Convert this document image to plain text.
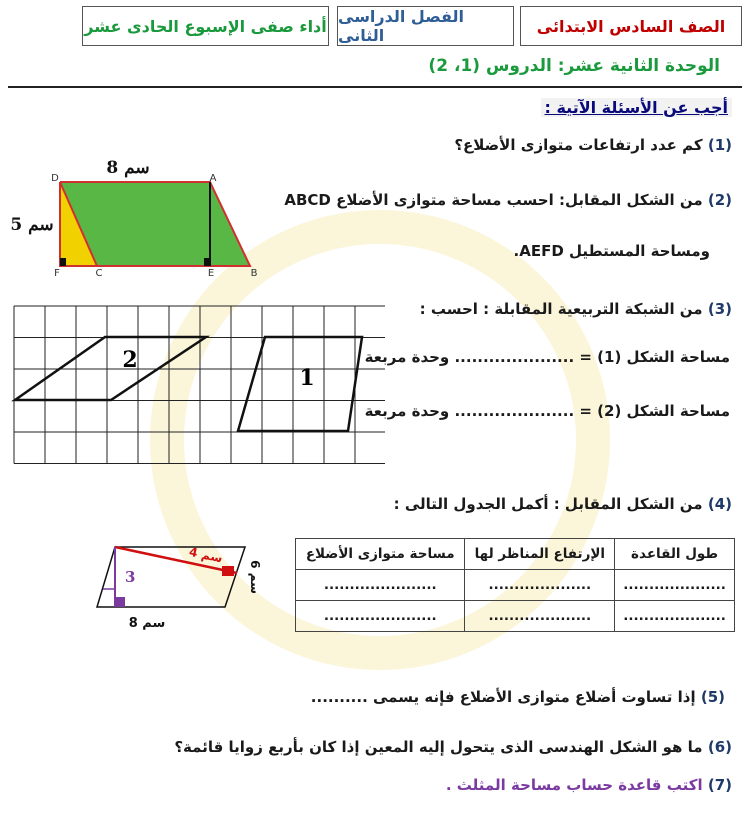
الصف السادس الابتدائى
الفصل الدراسى الثانى
أداء صفى الإسبوع الحادى عشر
الوحدة الثانية عشر: الدروس (1، 2)
أجب عن الأسئلة الآتية :
(1) كم عدد ارتفاعات متوازى الأضلاع؟
(2) من الشكل المقابل: احسب مساحة متوازى الأضلاع ABCD
ومساحة المستطيل AEFD.
D	A
F	C	E	B
8 سم
5 سم
(3) من الشبكة التربيعية المقابلة : احسب :
مساحة الشكل (1) = ..................... وحدة مربعة
مساحة الشكل (2) = ..................... وحدة مربعة
2
1
(4) من الشكل المقابل : أكمل الجدول التالى :
3
4 سم
6 سم
8 سم
طول القاعدة	الإرتفاع المناظر لها	مساحة متوازى الأضلاع
....................	....................	......................
....................	....................	......................
(5) إذا تساوت أضلاع متوازى الأضلاع فإنه يسمى ..........
(6) ما هو الشكل الهندسى الذى يتحول إليه المعين إذا كان بأربع زوايا قائمة؟
(7) اكتب قاعدة حساب مساحة المثلث .
